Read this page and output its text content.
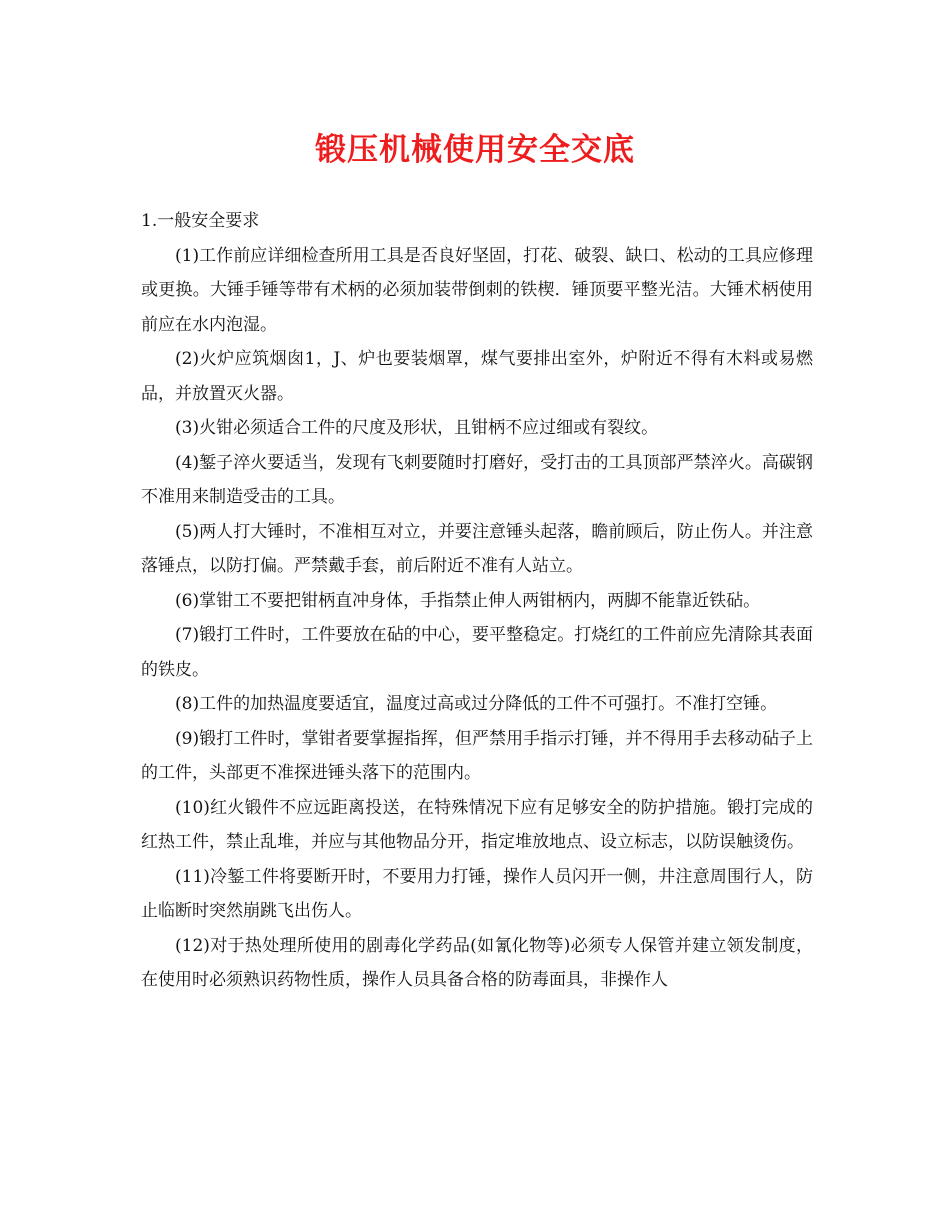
锻压机械使用安全交底

1.一般安全要求

(1)工作前应详细检查所用工具是否良好坚固，打花、破裂、缺口、松动的工具应修理或更换。大锤手锤等带有术柄的必须加装带倒刺的铁楔．锤顶要平整光洁。大锤术柄使用前应在水内泡湿。

(2)火炉应筑烟囱1，J、炉也要装烟罩，煤气要排出室外，炉附近不得有木料或易燃品，并放置灭火器。

(3)火钳必须适合工件的尺度及形状，且钳柄不应过细或有裂纹。

(4)錾子淬火要适当，发现有飞刺要随时打磨好，受打击的工具顶部严禁淬火。高碳钢不准用来制造受击的工具。

(5)两人打大锤时，不准相互对立，并要注意锤头起落，瞻前顾后，防止伤人。并注意落锤点，以防打偏。严禁戴手套，前后附近不准有人站立。

(6)掌钳工不要把钳柄直冲身体，手指禁止伸人两钳柄内，两脚不能靠近铁砧。

(7)锻打工件时，工件要放在砧的中心，要平整稳定。打烧红的工件前应先清除其表面的铁皮。

(8)工件的加热温度要适宜，温度过高或过分降低的工件不可强打。不准打空锤。

(9)锻打工件时，掌钳者要掌握指挥，但严禁用手指示打锤，并不得用手去移动砧子上的工件，头部更不准探进锤头落下的范围内。

(10)红火锻件不应远距离投送，在特殊情况下应有足够安全的防护措施。锻打完成的红热工件，禁止乱堆，并应与其他物品分开，指定堆放地点、设立标志，以防误触烫伤。

(11)冷錾工件将要断开时，不要用力打锤，操作人员闪开一侧，井注意周围行人，防止临断时突然崩跳飞出伤人。

(12)对于热处理所使用的剧毒化学药品(如氰化物等)必须专人保管并建立领发制度，在使用时必须熟识药物性质，操作人员具备合格的防毒面具，非操作人
